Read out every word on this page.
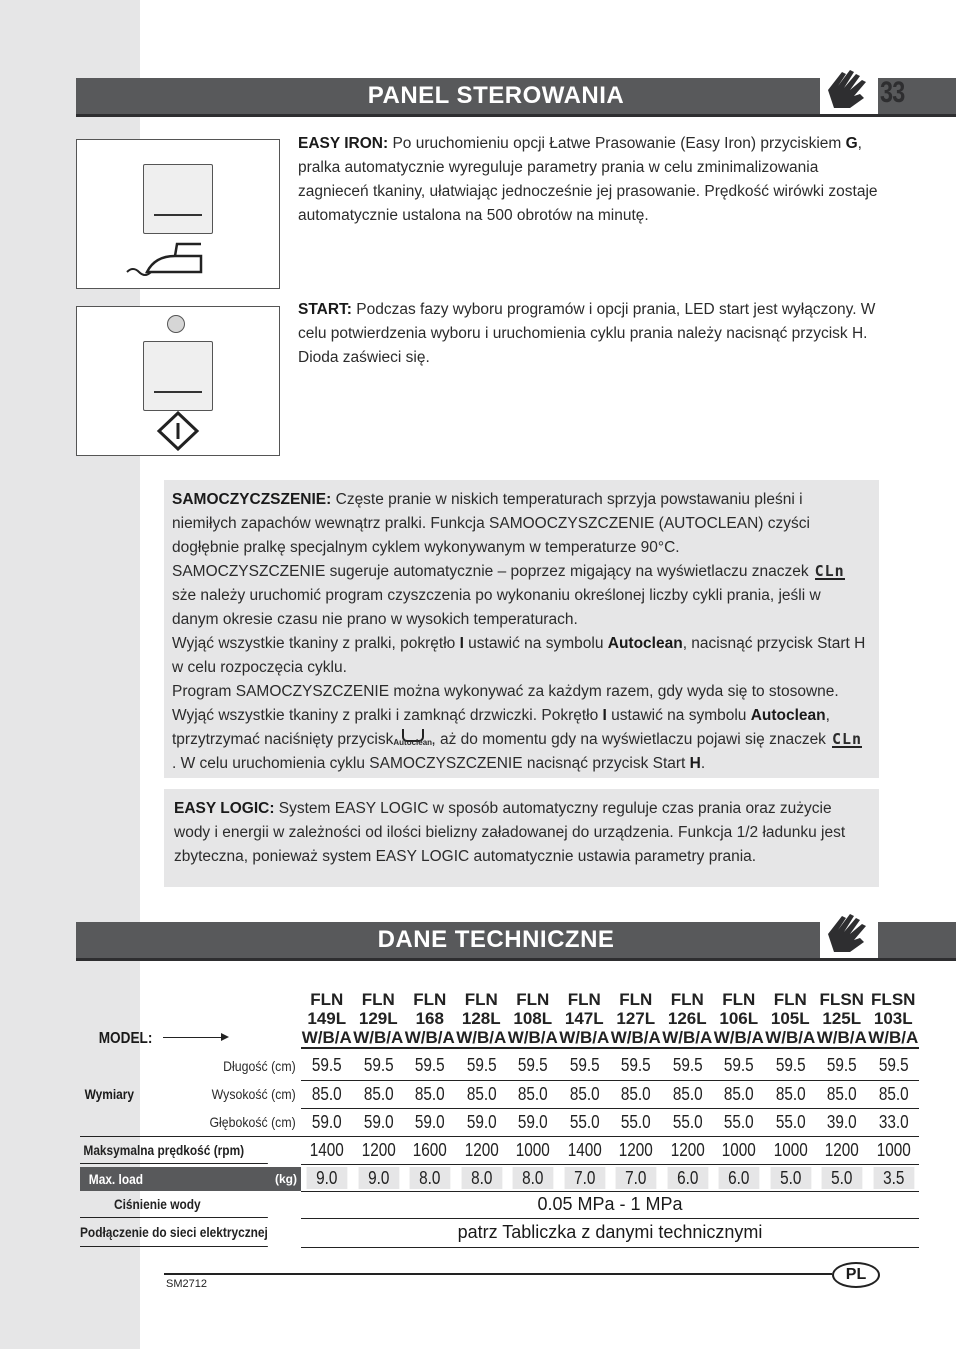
PANEL STEROWANIA	33

EASY IRON: Po uruchomieniu opcji Łatwe Prasowanie (Easy Iron) przyciskiem G, pralka automatycznie wyreguluje parametry prania w celu zminimalizowania zagnieceń tkaniny, ułatwiając jednocześnie jej prasowanie. Prędkość wirówki zostaje automatycznie ustalona na 500 obrotów na minutę.

START: Podczas fazy wyboru programów i opcji prania, LED start jest wyłączony. W celu potwierdzenia wyboru i uruchomienia cyklu prania należy nacisnąć przycisk H. Dioda zaświeci się.

SAMOCZYCZSZENIE: Częste pranie w niskich temperaturach sprzyja powstawaniu pleśni i niemiłych zapachów wewnątrz pralki. Funkcja SAMOOCZYSZCZENIE (AUTOCLEAN) czyści dogłębnie pralkę specjalnym cyklem wykonywanym w temperaturze 90°C.

SAMOCZYSZCZENIE sugeruje automatycznie – poprzez migający na wyświetlaczu znaczek CLn

sże należy uruchomić program czyszczenia po wykonaniu określonej liczby cykli prania, jeśli w danym okresie czasu nie prano w wysokich temperaturach.

Wyjąć wszystkie tkaniny z pralki, pokrętło I ustawić na symbolu Autoclean, nacisnąć przycisk Start H w celu rozpoczęcia cyklu.

Program SAMOCZYSZCZENIE można wykonywać za każdym razem, gdy wyda się to stosowne.

Wyjąć wszystkie tkaniny z pralki i zamknąć drzwiczki. Pokrętło I ustawić na symbolu Autoclean, tprzytrzymać naciśnięty przycisk Autoclean , aż do momentu gdy na wyświetlaczu pojawi się znaczek CLn

. W celu uruchomienia cyklu SAMOCZYSZCZENIE nacisnąć przycisk Start H.

EASY LOGIC: System EASY LOGIC w sposób automatyczny reguluje czas prania oraz zużycie wody i energii w zależności od ilości bielizny załadowanej do urządzenia. Funkcja 1/2 ładunku jest zbyteczna, ponieważ system EASY LOGIC automatycznie ustawia parametry prania.

DANE TECHNICZNE
MODEL:	FLN
149L
W/B/A	FLN
129L
W/B/A	FLN
168
W/B/A	FLN
128L
W/B/A	FLN
108L
W/B/A	FLN
147L
W/B/A	FLN
127L
W/B/A	FLN
126L
W/B/A	FLN
106L
W/B/A	FLN
105L
W/B/A	FLSN
125L
W/B/A	FLSN
103L
W/B/A

Długość (cm)	59.5	59.5	59.5	59.5	59.5	59.5	59.5	59.5	59.5	59.5	59.5	59.5

Wymiary Wysokość (cm)	85.0	85.0	85.0	85.0	85.0	85.0	85.0	85.0	85.0	85.0	85.0	85.0

Głębokość (cm)	59.0	59.0	59.0	59.0	59.0	55.0	55.0	55.0	55.0	55.0	39.0	33.0

Maksymalna prędkość (rpm)	1400	1200	1600	1200	1000	1400	1200	1200	1000	1000	1200	1000

Max. load (kg)	9.0	9.0	8.0	8.0	8.0	7.0	7.0	6.0	6.0	5.0	5.0	3.5

Ciśnienie wody	0.05 MPa - 1 MPa											

Podłączenie do sieci elektrycznej	patrz Tabliczka z danymi technicznymi											
PL
SM2712
